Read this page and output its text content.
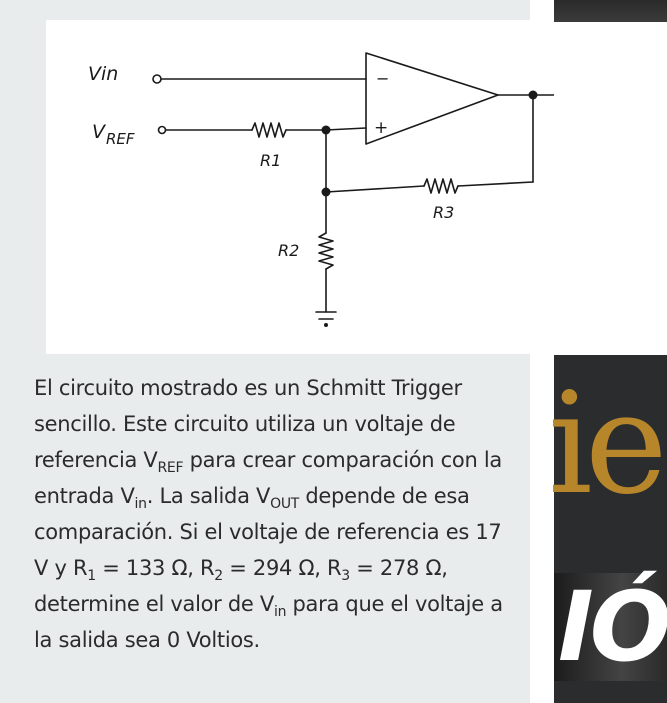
Vin
V REF
−
+
R1
R2
R3
El circuito mostrado es un Schmitt Trigger sencillo. Este circuito utiliza un voltaje de referencia $V_{REF}$ para crear comparación con la entrada $V_{in}$. La salida $V_{OUT}$ depende de esa comparación. Si el voltaje de referencia es 17 V y $R_1 = 133$ Ω, $R_2 = 294$ Ω, $R_3 = 278$ Ω, determine el valor de $V_{in}$ para que el voltaje a la salida sea 0 Voltios.
ie
IÓ
